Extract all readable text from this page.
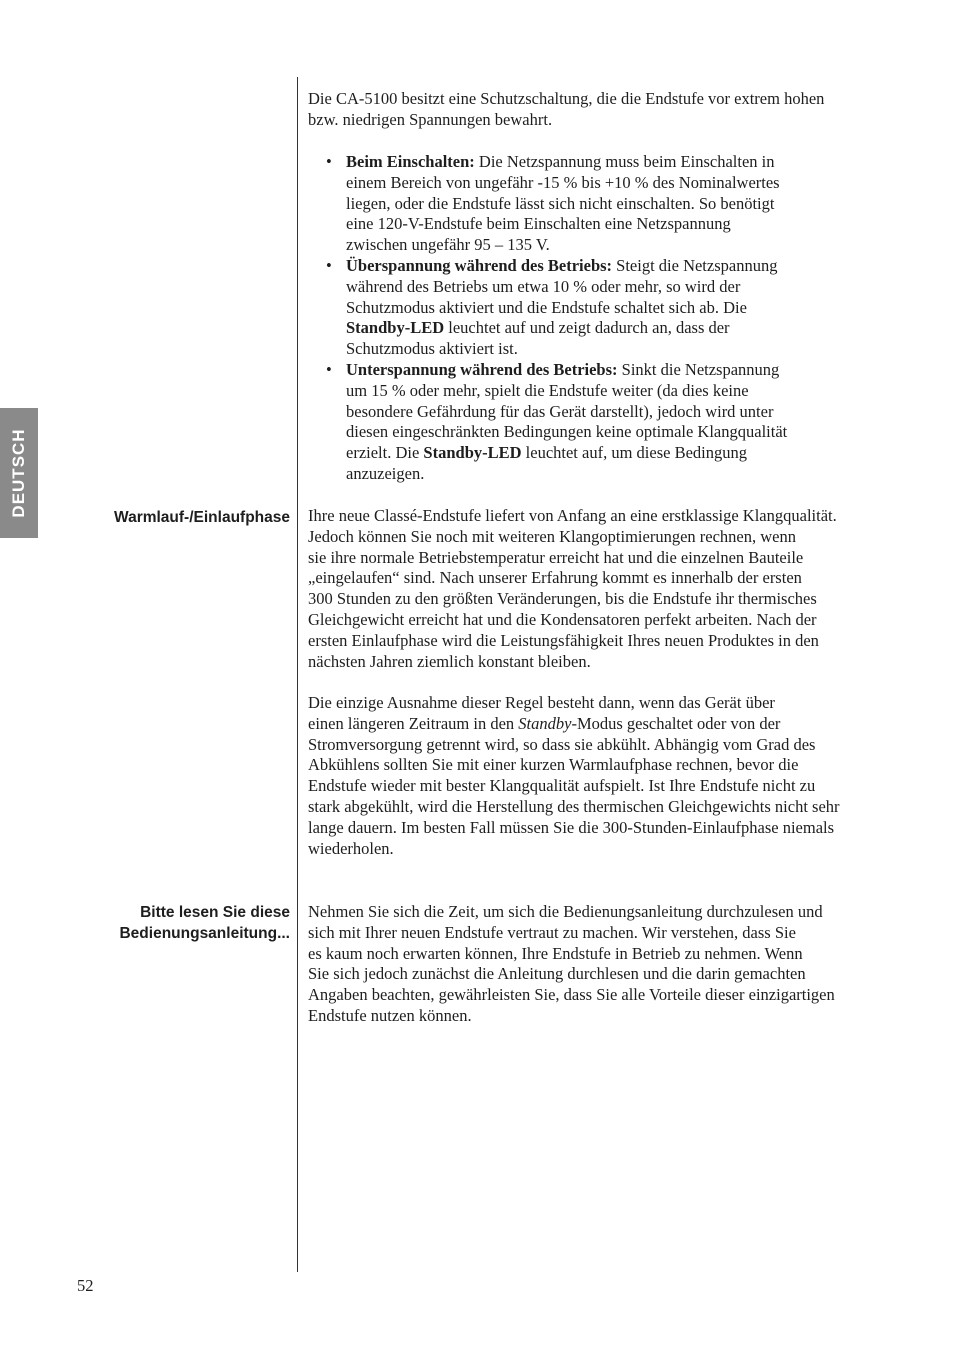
DEUTSCH
Die CA-5100 besitzt eine Schutzschaltung, die die Endstufe vor extrem hohen
bzw. niedrigen Spannungen bewahrt.
• Beim Einschalten: Die Netzspannung muss beim Einschalten in
einem Bereich von ungefähr -15 % bis +10 % des Nominalwertes
liegen, oder die Endstufe lässt sich nicht einschalten. So benötigt
eine 120-V-Endstufe beim Einschalten eine Netzspannung
zwischen ungefähr 95 – 135 V.
• Überspannung während des Betriebs: Steigt die Netzspannung
während des Betriebs um etwa 10 % oder mehr, so wird der
Schutzmodus aktiviert und die Endstufe schaltet sich ab. Die
Standby-LED leuchtet auf und zeigt dadurch an, dass der
Schutzmodus aktiviert ist.
• Unterspannung während des Betriebs: Sinkt die Netzspannung
um 15 % oder mehr, spielt die Endstufe weiter (da dies keine
besondere Gefährdung für das Gerät darstellt), jedoch wird unter
diesen eingeschränkten Bedingungen keine optimale Klangqualität
erzielt. Die Standby-LED leuchtet auf, um diese Bedingung
anzuzeigen.
Warmlauf-/Einlaufphase Ihre neue Classé-Endstufe liefert von Anfang an eine erstklassige Klangqualität.
Jedoch können Sie noch mit weiteren Klangoptimierungen rechnen, wenn
sie ihre normale Betriebstemperatur erreicht hat und die einzelnen Bauteile
„eingelaufen“ sind. Nach unserer Erfahrung kommt es innerhalb der ersten
300 Stunden zu den größten Veränderungen, bis die Endstufe ihr thermisches
Gleichgewicht erreicht hat und die Kondensatoren perfekt arbeiten. Nach der
ersten Einlaufphase wird die Leistungsfähigkeit Ihres neuen Produktes in den
nächsten Jahren ziemlich konstant bleiben.
Die einzige Ausnahme dieser Regel besteht dann, wenn das Gerät über
einen längeren Zeitraum in den Standby-Modus geschaltet oder von der
Stromversorgung getrennt wird, so dass sie abkühlt. Abhängig vom Grad des
Abkühlens sollten Sie mit einer kurzen Warmlaufphase rechnen, bevor die
Endstufe wieder mit bester Klangqualität aufspielt. Ist Ihre Endstufe nicht zu
stark abgekühlt, wird die Herstellung des thermischen Gleichgewichts nicht sehr
lange dauern. Im besten Fall müssen Sie die 300-Stunden-Einlaufphase niemals
wiederholen.
Bitte lesen Sie diese
Bedienungsanleitung...
Nehmen Sie sich die Zeit, um sich die Bedienungsanleitung durchzulesen und
sich mit Ihrer neuen Endstufe vertraut zu machen. Wir verstehen, dass Sie
es kaum noch erwarten können, Ihre Endstufe in Betrieb zu nehmen. Wenn
Sie sich jedoch zunächst die Anleitung durchlesen und die darin gemachten
Angaben beachten, gewährleisten Sie, dass Sie alle Vorteile dieser einzigartigen
Endstufe nutzen können.
52
